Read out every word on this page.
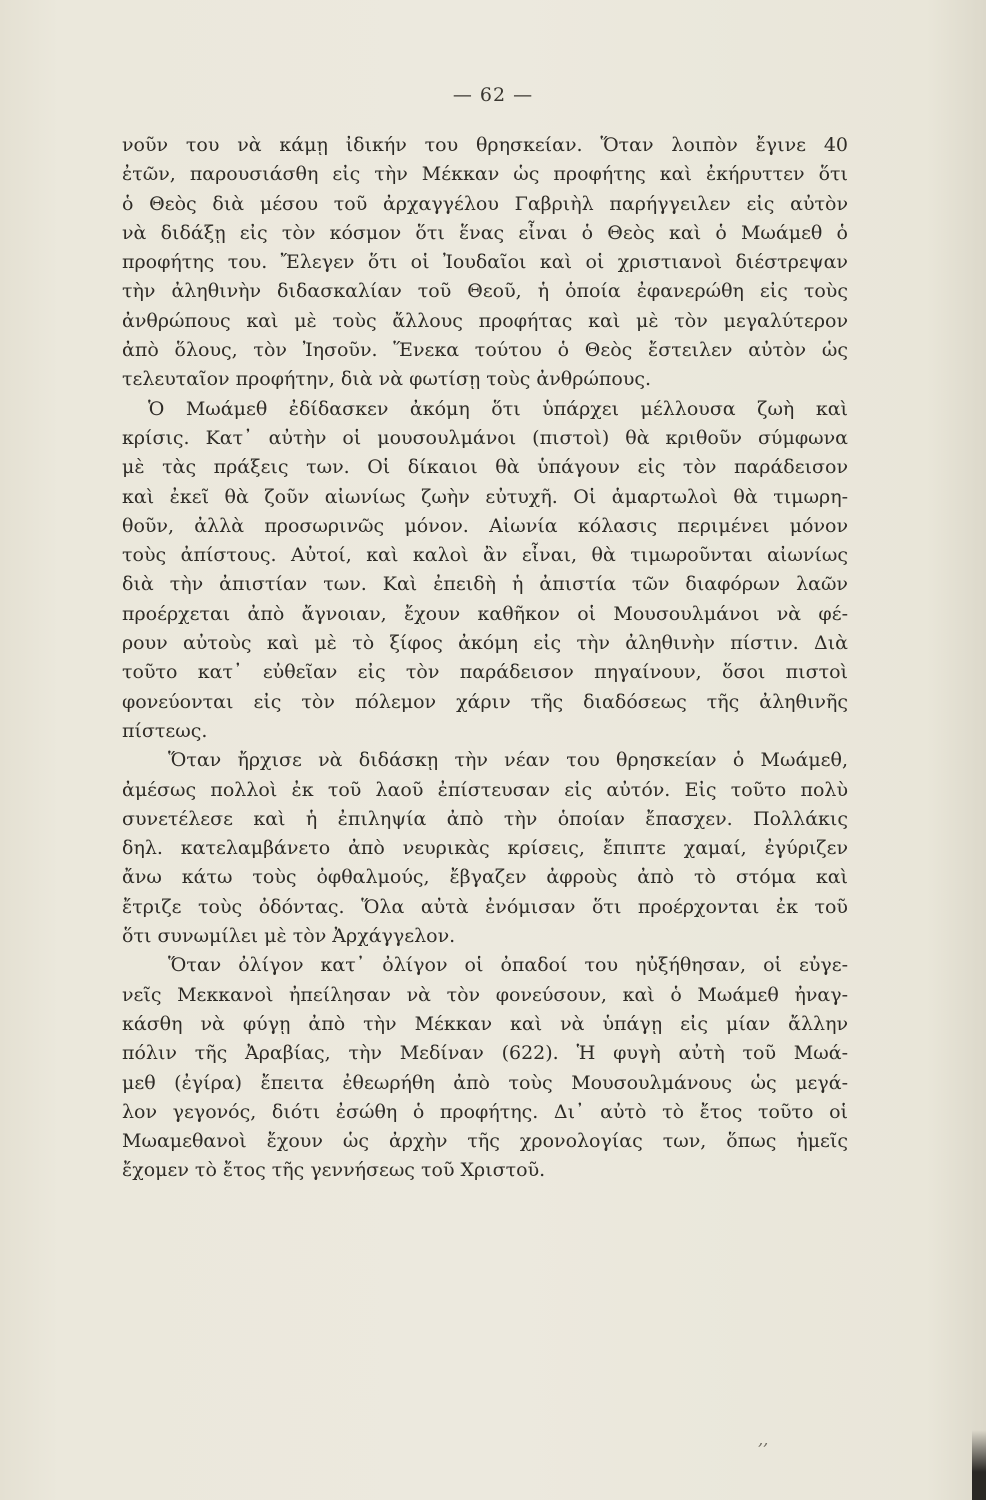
— 62 —
νοῦν του νὰ κάμῃ ἰδικήν του θρησκείαν. Ὅταν λοιπὸν ἔγινε 40
ἐτῶν, παρουσιάσθη εἰς τὴν Μέκκαν ὡς προφήτης καὶ ἐκήρυττεν ὅτι
ὁ Θεὸς διὰ μέσου τοῦ ἀρχαγγέλου Γαβριὴλ παρήγγειλεν εἰς αὐτὸν
νὰ διδάξῃ εἰς τὸν κόσμον ὅτι ἕνας εἶναι ὁ Θεὸς καὶ ὁ Μωάμεθ ὁ
προφήτης του. Ἔλεγεν ὅτι οἱ Ἰουδαῖοι καὶ οἱ χριστιανοὶ διέστρεψαν
τὴν ἀληθινὴν διδασκαλίαν τοῦ Θεοῦ, ἡ ὁποία ἐφανερώθη εἰς τοὺς
ἀνθρώπους καὶ μὲ τοὺς ἄλλους προφήτας καὶ μὲ τὸν μεγαλύτερον
ἀπὸ ὅλους, τὸν Ἰησοῦν. Ἕνεκα τούτου ὁ Θεὸς ἔστειλεν αὐτὸν ὡς
τελευταῖον προφήτην, διὰ νὰ φωτίσῃ τοὺς ἀνθρώπους.
Ὁ Μωάμεθ ἐδίδασκεν ἀκόμη ὅτι ὑπάρχει μέλλουσα ζωὴ καὶ
κρίσις. Κατ᾽ αὐτὴν οἱ μουσουλμάνοι (πιστοὶ) θὰ κριθοῦν σύμφωνα
μὲ τὰς πράξεις των. Οἱ δίκαιοι θὰ ὑπάγουν εἰς τὸν παράδεισον
καὶ ἐκεῖ θὰ ζοῦν αἰωνίως ζωὴν εὐτυχῆ. Οἱ ἁμαρτωλοὶ θὰ τιμωρη-
θοῦν, ἀλλὰ προσωρινῶς μόνον. Αἰωνία κόλασις περιμένει μόνον
τοὺς ἀπίστους. Αὐτοί, καὶ καλοὶ ἂν εἶναι, θὰ τιμωροῦνται αἰωνίως
διὰ τὴν ἀπιστίαν των. Καὶ ἐπειδὴ ἡ ἀπιστία τῶν διαφόρων λαῶν
προέρχεται ἀπὸ ἄγνοιαν, ἔχουν καθῆκον οἱ Μουσουλμάνοι νὰ φέ-
ρουν αὐτοὺς καὶ μὲ τὸ ξίφος ἀκόμη εἰς τὴν ἀληθινὴν πίστιν. Διὰ
τοῦτο κατ᾽ εὐθεῖαν εἰς τὸν παράδεισον πηγαίνουν, ὅσοι πιστοὶ
φονεύονται εἰς τὸν πόλεμον χάριν τῆς διαδόσεως τῆς ἀληθινῆς
πίστεως.
Ὅταν ἤρχισε νὰ διδάσκῃ τὴν νέαν του θρησκείαν ὁ Μωάμεθ,
ἀμέσως πολλοὶ ἐκ τοῦ λαοῦ ἐπίστευσαν εἰς αὐτόν. Εἰς τοῦτο πολὺ
συνετέλεσε καὶ ἡ ἐπιληψία ἀπὸ τὴν ὁποίαν ἔπασχεν. Πολλάκις
δηλ. κατελαμβάνετο ἀπὸ νευρικὰς κρίσεις, ἔπιπτε χαμαί, ἐγύριζεν
ἄνω κάτω τοὺς ὀφθαλμούς, ἔβγαζεν ἀφροὺς ἀπὸ τὸ στόμα καὶ
ἔτριζε τοὺς ὀδόντας. Ὅλα αὐτὰ ἐνόμισαν ὅτι προέρχονται ἐκ τοῦ
ὅτι συνωμίλει μὲ τὸν Ἀρχάγγελον.
Ὅταν ὀλίγον κατ᾽ ὀλίγον οἱ ὀπαδοί του ηὐξήθησαν, οἱ εὐγε-
νεῖς Μεκκανοὶ ἠπείλησαν νὰ τὸν φονεύσουν, καὶ ὁ Μωάμεθ ἠναγ-
κάσθη νὰ φύγῃ ἀπὸ τὴν Μέκκαν καὶ νὰ ὑπάγῃ εἰς μίαν ἄλλην
πόλιν τῆς Ἀραβίας, τὴν Μεδίναν (622). Ἡ φυγὴ αὐτὴ τοῦ Μωά-
μεθ (ἐγίρα) ἔπειτα ἐθεωρήθη ἀπὸ τοὺς Μουσουλμάνους ὡς μεγά-
λον γεγονός, διότι ἐσώθη ὁ προφήτης. Δι᾽ αὐτὸ τὸ ἔτος τοῦτο οἱ
Μωαμεθανοὶ ἔχουν ὡς ἀρχὴν τῆς χρονολογίας των, ὅπως ἡμεῖς
ἔχομεν τὸ ἔτος τῆς γεννήσεως τοῦ Χριστοῦ.
‚‚
